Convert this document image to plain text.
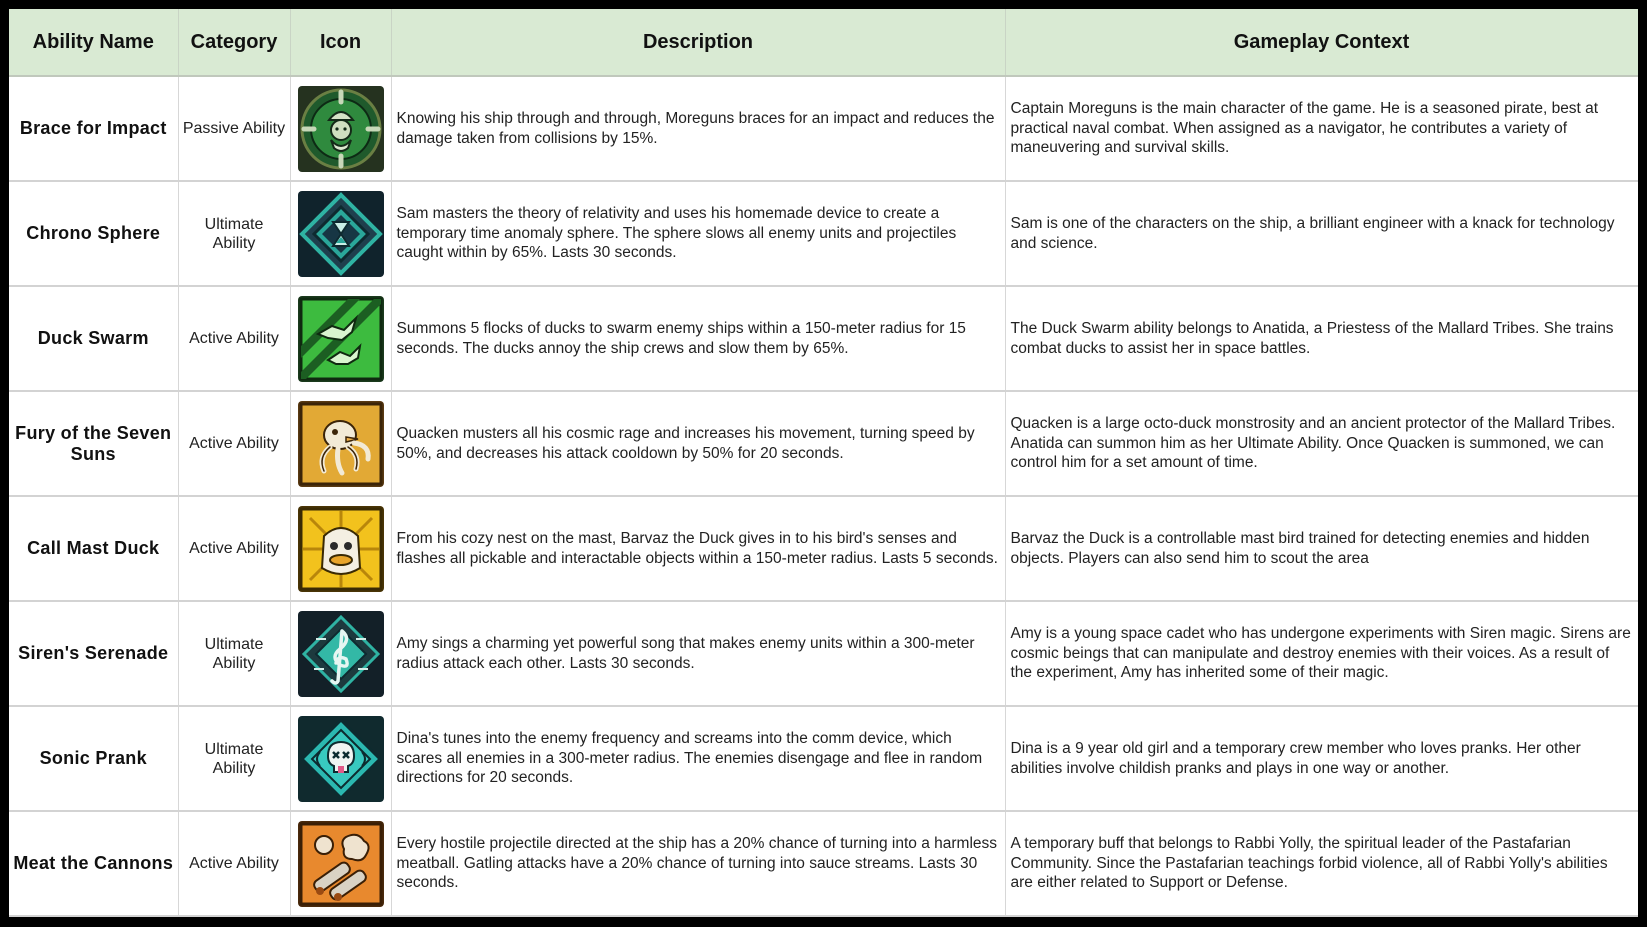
Ability Name	Category	Icon	Description	Gameplay Context
Brace for Impact	Passive Ability		Knowing his ship through and through, Moreguns braces for an impact and reduces the damage taken from collisions by 15%.	Captain Moreguns is the main character of the game. He is a seasoned pirate, best at practical naval combat. When assigned as a navigator, he contributes a variety of maneuvering and survival skills.
Chrono Sphere	Ultimate Ability		Sam masters the theory of relativity and uses his homemade device to create a temporary time anomaly sphere. The sphere slows all enemy units and projectiles caught within by 65%. Lasts 30 seconds.	Sam is one of the characters on the ship, a brilliant engineer with a knack for technology and science.
Duck Swarm	Active Ability		Summons 5 flocks of ducks to swarm enemy ships within a 150-meter radius for 15 seconds. The ducks annoy the ship crews and slow them by 65%.	The Duck Swarm ability belongs to Anatida, a Priestess of the Mallard Tribes. She trains combat ducks to assist her in space battles.
Fury of the Seven Suns	Active Ability		Quacken musters all his cosmic rage and increases his movement, turning speed by 50%, and decreases his attack cooldown by 50% for 20 seconds.	Quacken is a large octo-duck monstrosity and an ancient protector of the Mallard Tribes. Anatida can summon him as her Ultimate Ability. Once Quacken is summoned, we can control him for a set amount of time.
Call Mast Duck	Active Ability		From his cozy nest on the mast, Barvaz the Duck gives in to his bird's senses and flashes all pickable and interactable objects within a 150-meter radius. Lasts 5 seconds.	Barvaz the Duck is a controllable mast bird trained for detecting enemies and hidden objects. Players can also send him to scout the area
Siren's Serenade	Ultimate Ability		Amy sings a charming yet powerful song that makes enemy units within a 300-meter radius attack each other. Lasts 30 seconds.	Amy is a young space cadet who has undergone experiments with Siren magic. Sirens are cosmic beings that can manipulate and destroy enemies with their voices. As a result of the experiment, Amy has inherited some of their magic.
Sonic Prank	Ultimate Ability		Dina's tunes into the enemy frequency and screams into the comm device, which scares all enemies in a 300-meter radius. The enemies disengage and flee in random directions for 20 seconds.	Dina is a 9 year old girl and a temporary crew member who loves pranks. Her other abilities involve childish pranks and plays in one way or another.
Meat the Cannons	Active Ability		Every hostile projectile directed at the ship has a 20% chance of turning into a harmless meatball. Gatling attacks have a 20% chance of turning into sauce streams. Lasts 30 seconds.	A temporary buff that belongs to Rabbi Yolly, the spiritual leader of the Pastafarian Community. Since the Pastafarian teachings forbid violence, all of Rabbi Yolly's abilities are either related to Support or Defense.
